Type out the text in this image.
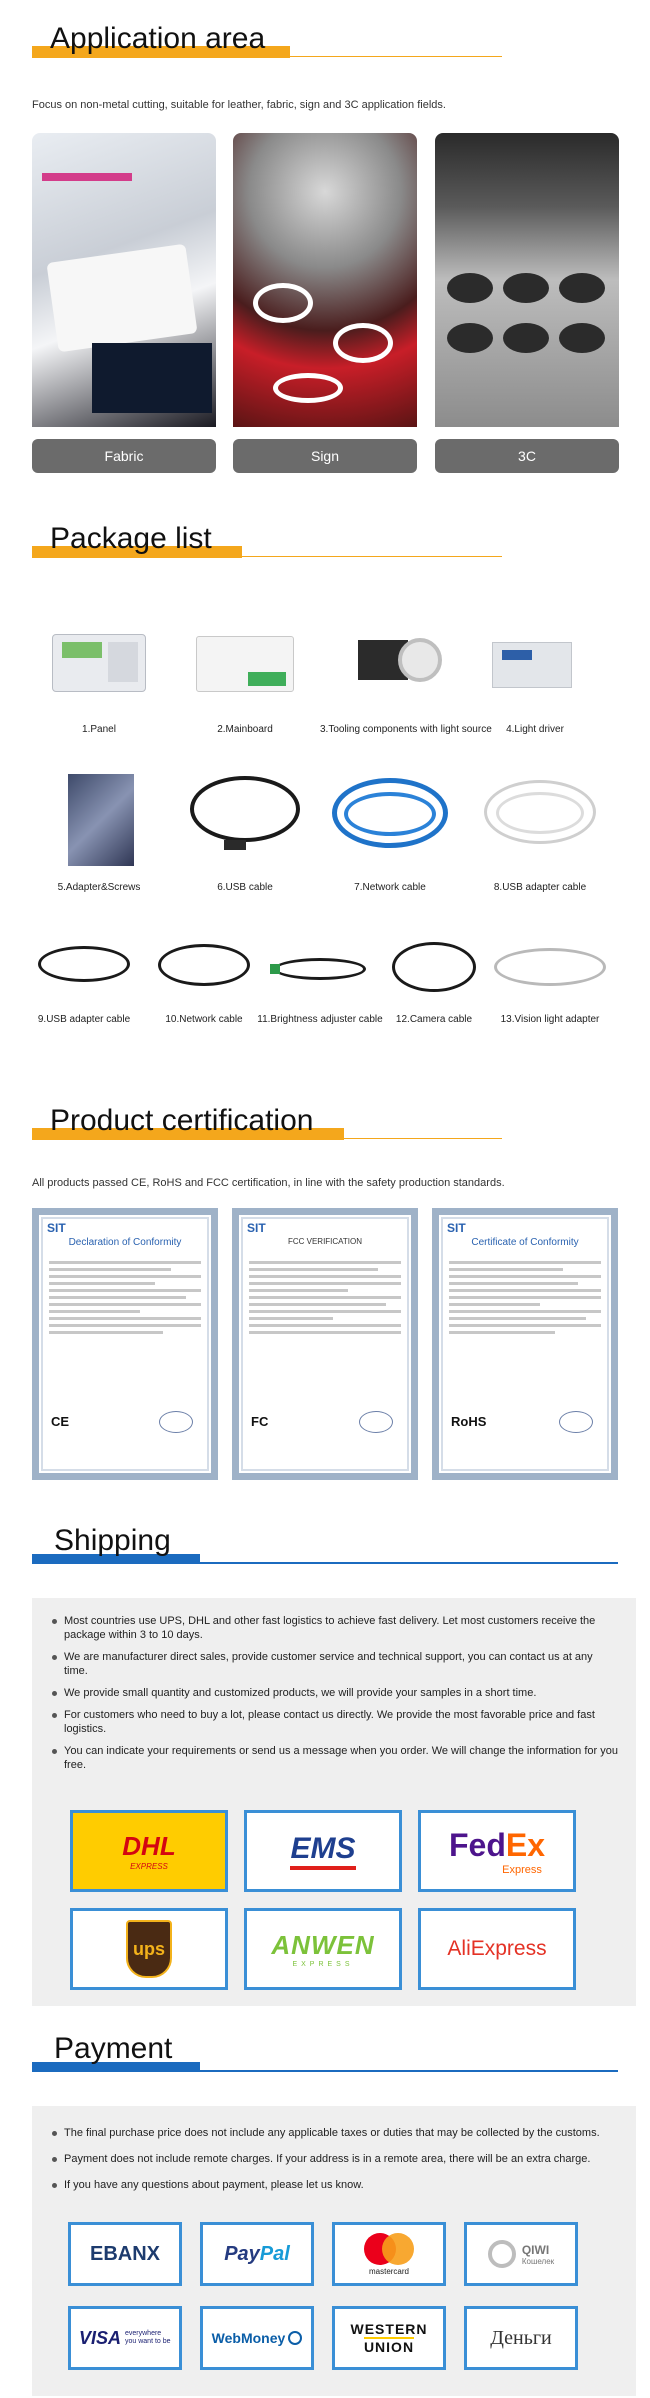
Application area
Focus on non-metal cutting, suitable for leather, fabric, sign and 3C application fields.
Fabric	Sign	3C
Package list
1.Panel	2.Mainboard	3.Tooling components with light source	4.Light driver
5.Adapter&Screws	6.USB cable	7.Network cable	8.USB adapter cable
9.USB adapter cable	10.Network cable	11.Brightness adjuster cable	12.Camera cable	13.Vision light adapter
Product certification
All products passed CE, RoHS and FCC certification, in line with the safety production standards.
SIT
Declaration of Conformity
CE
SIT
FCC VERIFICATION
FC
SIT
Certificate of Conformity
RoHS
Shipping
Most countries use UPS, DHL and other fast logistics to achieve fast delivery. Let most customers receive the package within 3 to 10 days.
We are manufacturer direct sales, provide customer service and technical support, you can contact us at any time.
We provide small quantity and customized products, we will provide your samples in a short time.
For customers who need to buy a lot, please contact us directly. We provide the most favorable price and fast logistics.
You can indicate your requirements or send us a message when you order. We will change the information for you free.
DHL
EXPRESS
EMS	FedEx
Express
ups	ANWEN
EXPRESS
AliExpress
Payment
The final purchase price does not include any applicable taxes or duties that may be collected by the customs.
Payment does not include remote charges. If your address is in a remote area, there will be an extra charge.
If you have any questions about payment, please let us know.
EBANX	Pay Pal
mastercard
QIWI
Кошелек
VISA everywhere you want to be	WebMoney
WESTERN
UNION	Деньги
